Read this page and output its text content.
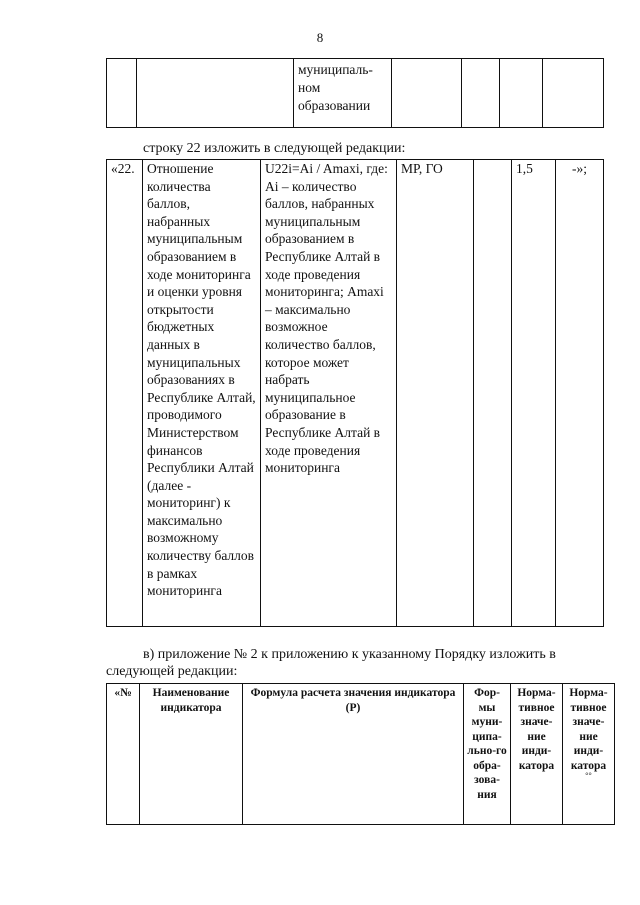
8
		муниципаль-
ном
образовании				
строку 22 изложить в следующей редакции:
«22.	Отношение количества баллов, набранных муниципальным образованием в ходе мониторинга и оценки уровня открытости бюджетных данных в муниципальных образованиях в Республике Алтай, проводимого Министерством финансов Республики Алтай (далее - мониторинг) к максимально возможному количеству баллов в рамках мониторинга	U22i=Ai / Amaxi, где: Ai – количество баллов, набранных муниципальным образованием в Республике Алтай в ходе проведения мониторинга; Amaxi – максимально возможное количество баллов, которое может набрать муниципальное образование в Республике Алтай в ходе проведения мониторинга	МР, ГО		1,5	-»;
в) приложение № 2 к приложению к указанному Порядку изложить в
следующей редакции:
«№	Наименование индикатора	Формула расчета значения индикатора (Р)	Фор-мы муни-ципа-льно-го обра-зова-ния	Норма-тивное значе-ние инди-катора	Норма-тивное значе-ние инди-катора
°°
